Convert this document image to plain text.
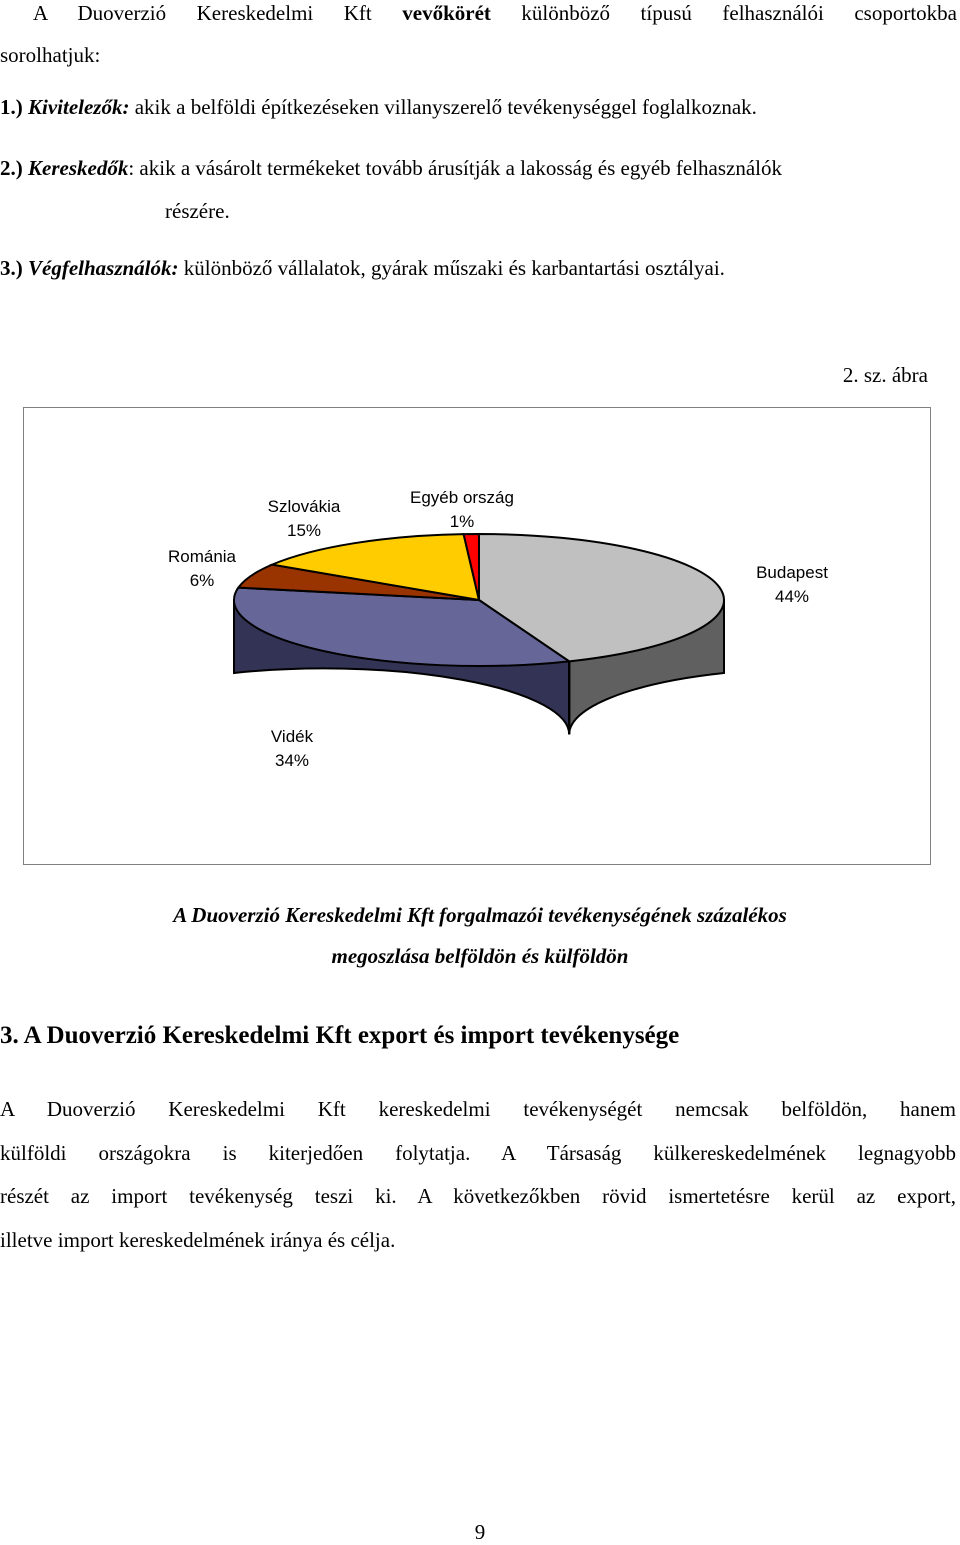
A Duoverzió Kereskedelmi Kft vevőkörét különböző típusú felhasználói csoportokba
sorolhatjuk:
1.) Kivitelezők: akik a belföldi építkezéseken villanyszerelő tevékenységgel foglalkoznak.
2.) Kereskedők: akik a vásárolt termékeket tovább árusítják a lakosság és egyéb felhasználók
részére.
3.) Végfelhasználók: különböző vállalatok, gyárak műszaki és karbantartási osztályai.
2. sz. ábra
Budapest
44%
Vidék
34%
Románia
6%
Szlovákia
15%
Egyéb ország
1%
A Duoverzió Kereskedelmi Kft forgalmazói tevékenységének százalékos
megoszlása belföldön és külföldön
3. A Duoverzió Kereskedelmi Kft export és import tevékenysége
A Duoverzió Kereskedelmi Kft kereskedelmi tevékenységét nemcsak belföldön, hanem
külföldi országokra is kiterjedően folytatja. A Társaság külkereskedelmének legnagyobb
részét az import tevékenység teszi ki. A következőkben rövid ismertetésre kerül az export,
illetve import kereskedelmének iránya és célja.
9
